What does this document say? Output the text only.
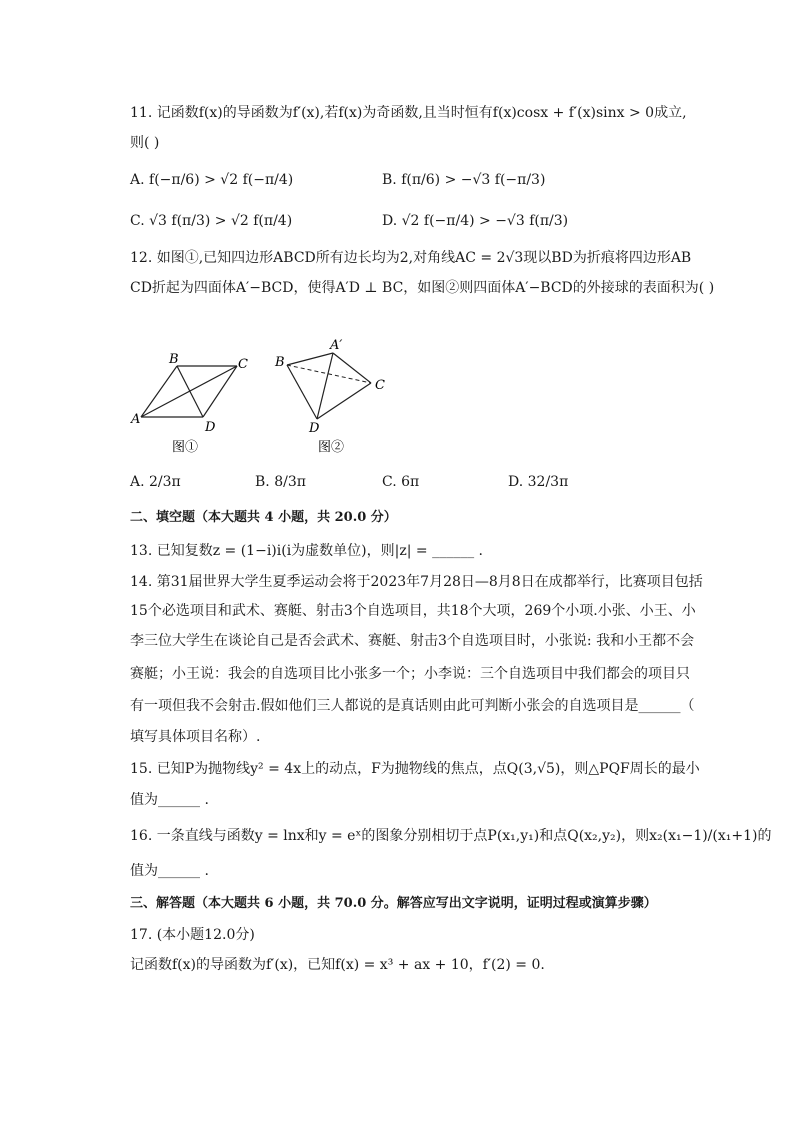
11. 记函数f(x)的导函数为f′(x),若f(x)为奇函数,且当时恒有f(x)cosx + f′(x)sinx > 0成立,
则( )
A. f(−π/6) > √2 f(−π/4)	B. f(π/6) > −√3 f(−π/3)
C. √3 f(π/3) > √2 f(π/4)	D. √2 f(−π/4) > −√3 f(π/3)
12. 如图①,已知四边形ABCD所有边长均为2,对角线AC = 2√3现以BD为折痕将四边形AB
CD折起为四面体A′−BCD，使得A′D ⊥ BC，如图②则四面体A′−BCD的外接球的表面积为( )
A
B	C
D
图①
B
A′
C
D
图②
A. 2/3π	B. 8/3π	C. 6π	D. 32/3π
二、填空题（本大题共 4 小题，共 20.0 分）
13. 已知复数z = (1−i)i(i为虚数单位)，则|z| = ______ .
14. 第31届世界大学生夏季运动会将于2023年7月28日—8月8日在成都举行，比赛项目包括
15个必选项目和武术、赛艇、射击3个自选项目，共18个大项，269个小项.小张、小王、小
李三位大学生在谈论自己是否会武术、赛艇、射击3个自选项目时，小张说: 我和小王都不会
赛艇；小王说：我会的自选项目比小张多一个；小李说：三个自选项目中我们都会的项目只
有一项但我不会射击.假如他们三人都说的是真话则由此可判断小张会的自选项目是______（
填写具体项目名称）.
15. 已知P为抛物线y² = 4x上的动点，F为抛物线的焦点，点Q(3,√5)，则△PQF周长的最小
值为______ .
16. 一条直线与函数y = lnx和y = eˣ的图象分别相切于点P(x₁,y₁)和点Q(x₂,y₂)，则x₂(x₁−1)/(x₁+1)的
值为______ .
三、解答题（本大题共 6 小题，共 70.0 分。解答应写出文字说明，证明过程或演算步骤）
17. (本小题12.0分)
记函数f(x)的导函数为f′(x)，已知f(x) = x³ + ax + 10，f′(2) = 0.
